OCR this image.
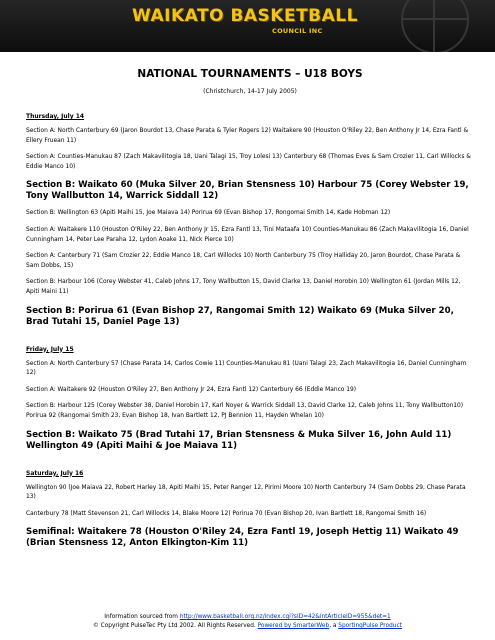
WAIKATO BASKETBALL
COUNCIL INC
NATIONAL TOURNAMENTS – U18 BOYS
(Christchurch, 14-17 July 2005)
Thursday, July 14
Section A: North Canterbury 69 (Jaron Bourdot 13, Chase Parata & Tyler Rogers 12) Waitakere 90 (Houston O'Riley 22, Ben Anthony Jr 14, Ezra Fantl & Ellery Fruean 11)
Section A: Counties-Manukau 87 (Zach Makavilitogia 18, Uani Talagi 15, Troy Lolesi 13) Canterbury 68 (Thomas Eves & Sam Crozier 11, Carl Willocks & Eddie Manco 10)
Section B: Waikato 60 (Muka Silver 20, Brian Stensness 10) Harbour 75 (Corey Webster 19, Tony Wallbutton 14, Warrick Siddall 12)
Section B: Wellington 63 (Apiti Maihi 15, Joe Maiava 14) Porirua 69 (Evan Bishop 17, Rongomai Smith 14, Kade Hobman 12)
Section A: Waitakere 110 (Houston O'Riley 22, Ben Anthony Jr 15, Ezra Fantl 13, Tini Mataafa 10) Counties-Manukau 86 (Zach Makavilitogia 16, Daniel Cunningham 14, Peter Lee Paraha 12, Lydon Aoake 11, Nick Pierce 10)
Section A: Canterbury 71 (Sam Crozier 22, Eddie Manco 18, Carl Willocks 10) North Canterbury 75 (Troy Halliday 20, Jaron Bourdot, Chase Parata & Sam Dobbs, 15)
Section B: Harbour 106 (Corey Webster 41, Caleb Johns 17, Tony Wallbutton 15, David Clarke 13, Daniel Horobin 10) Wellington 61 (Jordan Mills 12, Apiti Maini 11)
Section B: Porirua 61 (Evan Bishop 27, Rangomai Smith 12) Waikato 69 (Muka Silver 20, Brad Tutahi 15, Daniel Page 13)
Friday, July 15
Section A: North Canterbury 57 (Chase Parata 14, Carlos Cowie 11) Counties-Manukau 81 (Uani Talagi 23, Zach Makavilitogia 16, Daniel Cunningham 12)
Section A: Waitakere 92 (Houston O'Riley 27, Ben Anthony Jr 24, Ezra Fantl 12) Canterbury 66 (Eddie Manco 19)
Section B: Harbour 125 (Corey Webster 38, Daniel Horobin 17, Karl Noyer & Warrick Siddall 13, David Clarke 12, Caleb Johns 11, Tony Wallbutton10) Porirua 92 (Rangomai Smith 23, Evan Bishop 18, Ivan Bartlett 12, PJ Bennion 11, Hayden Whelan 10)
Section B: Waikato 75 (Brad Tutahi 17, Brian Stensness & Muka Silver 16, John Auld 11) Wellington 49 (Apiti Maihi & Joe Maiava 11)
Saturday, July 16
Wellington 90 (Joe Maiava 22, Robert Harley 18, Apiti Maihi 15, Peter Ranger 12, Pirimi Moore 10) North Canterbury 74 (Sam Dobbs 29, Chase Parata 13)
Canterbury 78 (Matt Stevenson 21, Carl Willocks 14, Blake Moore 12) Porirua 70 (Evan Bishop 20, Ivan Bartlett 18, Rangomai Smith 16)
Semifinal: Waitakere 78 (Houston O'Riley 24, Ezra Fantl 19, Joseph Hettig 11) Waikato 49 (Brian Stensness 12, Anton Elkington-Kim 11)
Information sourced from http://www.basketball.org.nz/index.cgi?sID=42&intArticleID=955&det=1
© Copyright PulseTec Pty Ltd 2002. All Rights Reserved. Powered by SmarterWeb, a SportingPulse Product
